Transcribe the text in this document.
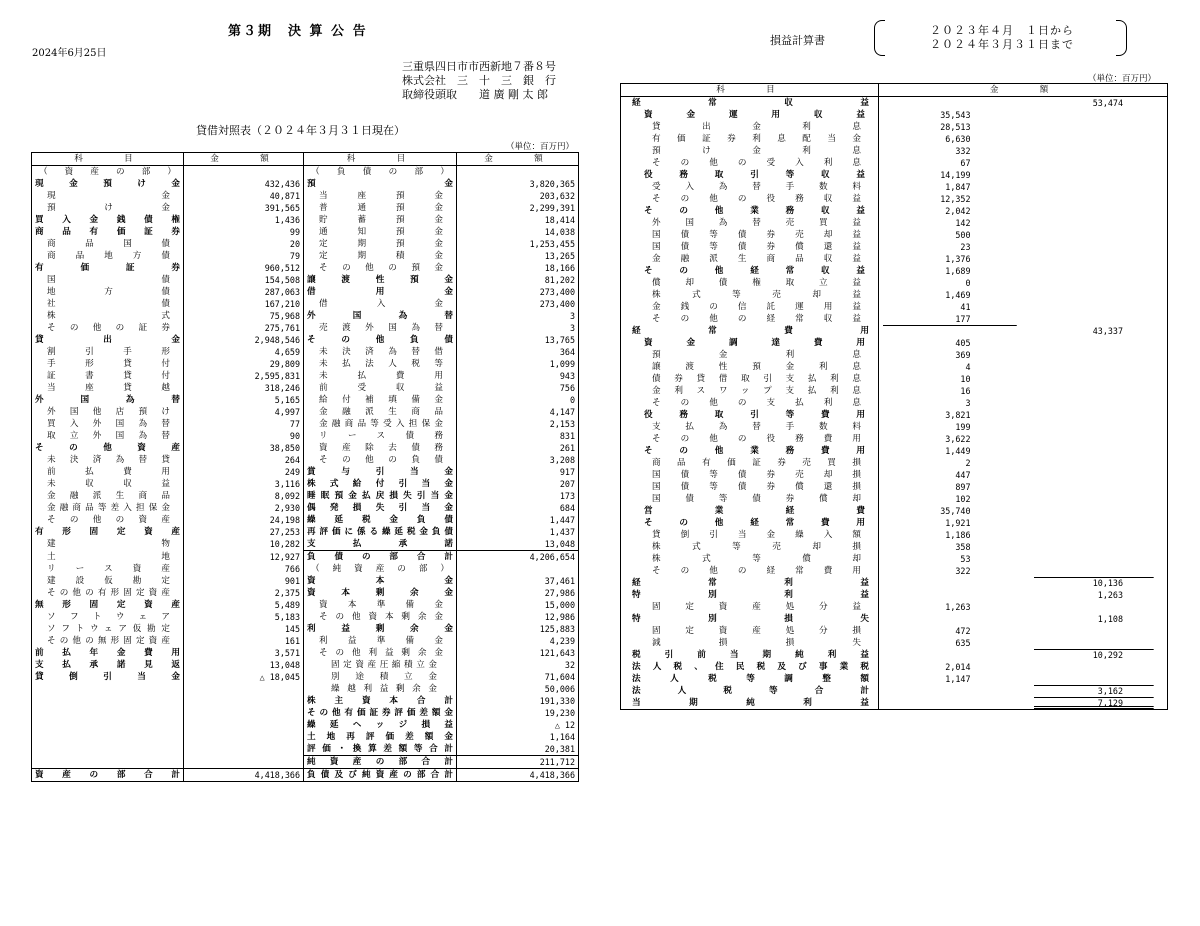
第３期　決 算 公 告
2024年6月25日
三重県四日市市西新地７番８号
株式会社　三　十　三　銀　行
取締役頭取　　道 廣 剛 太 郎
貸借対照表（２０２４年３月３１日現在）
（単位：百万円）
科　　目	金　　額	科　　目	金　　額

（資産の部）		（負債の部）	

現金預け金	432,436	預金	3,820,365

現金	40,871	当座預金	203,632

預け金	391,565	普通預金	2,299,391

買入金銭債権	1,436	貯蓄預金	18,414

商品有価証券	99	通知預金	14,038

商品国債	20	定期預金	1,253,455

商品地方債	79	定期積金	13,265

有価証券	960,512	その他の預金	18,166

国債	154,508	譲渡性預金	81,202

地方債	287,063	借用金	273,400

社債	167,210	借入金	273,400

株式	75,968	外国為替	3

その他の証券	275,761	売渡外国為替	3

貸出金	2,948,546	その他負債	13,765

割引手形	4,659	未決済為替借	364

手形貸付	29,809	未払法人税等	1,099

証書貸付	2,595,831	未払費用	943

当座貸越	318,246	前受収益	756

外国為替	5,165	給付補填備金	0

外国他店預け	4,997	金融派生商品	4,147

買入外国為替	77	金融商品等受入担保金	2,153

取立外国為替	90	リース債務	831

その他資産	38,850	資産除去債務	261

未決済為替貸	264	その他の負債	3,208

前払費用	249	賞与引当金	917

未収収益	3,116	株式給付引当金	207

金融派生商品	8,092	睡眠預金払戻損失引当金	173

金融商品等差入担保金	2,930	偶発損失引当金	684

その他の資産	24,198	繰延税金負債	1,447

有形固定資産	27,253	再評価に係る繰延税金負債	1,437

建物	10,282	支払承諾	13,048

土地	12,927	負債の部合計	4,206,654

リース資産	766	（純資産の部）	

建設仮勘定	901	資本金	37,461

その他の有形固定資産	2,375	資本剰余金	27,986

無形固定資産	5,489	資本準備金	15,000

ソフトウェア	5,183	その他資本剰余金	12,986

ソフトウェア仮勘定	145	利益剰余金	125,883

その他の無形固定資産	161	利益準備金	4,239

前払年金費用	3,571	その他利益剰余金	121,643

支払承諾見返	13,048	固定資産圧縮積立金	32

貸倒引当金	△ 18,045	別途積立金	71,604

		繰越利益剰余金	50,006

		株主資本合計	191,330

		その他有価証券評価差額金	19,230

		繰延ヘッジ損益	△ 12

		土地再評価差額金	1,164

		評価・換算差額等合計	20,381

		純資産の部合計	211,712

資 産 の 部 合 計	4,418,366	負債及び純資産の部合計	4,418,366
損益計算書
２０２３年４月　１日から
２０２４年３月３１日まで
（単位：百万円）
科　　目	金　　額	

経常収益		53,474

資金運用収益	35,543	

貸出金利息	28,513	

有価証券利息配当金	6,630	

預け金利息	332	

その他の受入利息	67	

役務取引等収益	14,199	

受入為替手数料	1,847	

その他の役務収益	12,352	

その他業務収益	2,042	

外国為替売買益	142	

国債等債券売却益	500	

国債等債券償還益	23	

金融派生商品収益	1,376	

その他経常収益	1,689	

償却債権取立益	0	

株式等売却益	1,469	

金銭の信託運用益	41	

その他の経常収益	177	

経常費用		43,337

資金調達費用	405	

預金利息	369	

譲渡性預金利息	4	

債券貸借取引支払利息	10	

金利スワップ支払利息	16	

その他の支払利息	3	

役務取引等費用	3,821	

支払為替手数料	199	

その他の役務費用	3,622	

その他業務費用	1,449	

商品有価証券売買損	2	

国債等債券売却損	447	

国債等債券償還損	897	

国債等債券償却	102	

営業経費	35,740	

その他経常費用	1,921	

貸倒引当金繰入額	1,186	

株式等売却損	358	

株式等償却	53	

その他の経常費用	322	

経常利益		10,136

特別利益		1,263

固定資産処分益	1,263	

特別損失		1,108

固定資産処分損	472	

減損損失	635	

税引前当期純利益		10,292

法人税、住民税及び事業税	2,014	

法人税等調整額	1,147	

法人税等合計		3,162

当期純利益		7,129
